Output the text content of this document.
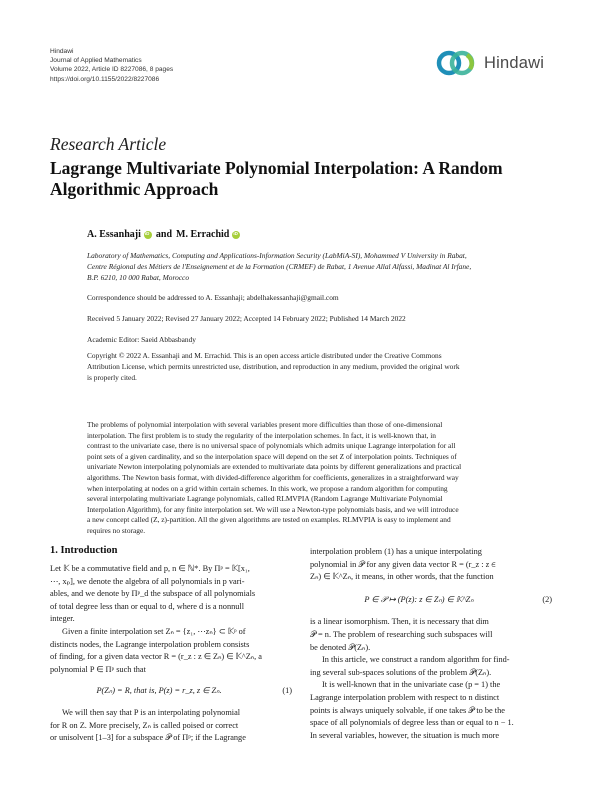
Hindawi
Journal of Applied Mathematics
Volume 2022, Article ID 8227086, 8 pages
https://doi.org/10.1155/2022/8227086
Hindawi
Research Article
Lagrange Multivariate Polynomial Interpolation: A Random
Algorithmic Approach
A. Essanhaji
iD and M. Errachid
iD
Laboratory of Mathematics, Computing and Applications-Information Security (LabMiA-SI), Mohammed V University in Rabat,
Centre Régional des Métiers de l'Enseignement et de la Formation (CRMEF) de Rabat, 1 Avenue Allal Alfassi, Madinat Al Irfane,
B.P. 6210, 10 000 Rabat, Morocco
Correspondence should be addressed to A. Essanhaji; abdelhakessanhaji@gmail.com
Received 5 January 2022; Revised 27 January 2022; Accepted 14 February 2022; Published 14 March 2022
Academic Editor: Saeid Abbasbandy
Copyright © 2022 A. Essanhaji and M. Errachid. This is an open access article distributed under the Creative Commons
Attribution License, which permits unrestricted use, distribution, and reproduction in any medium, provided the original work
is properly cited.
The problems of polynomial interpolation with several variables present more difficulties than those of one-dimensional
interpolation. The first problem is to study the regularity of the interpolation schemes. In fact, it is well-known that, in
contrast to the univariate case, there is no universal space of polynomials which admits unique Lagrange interpolation for all
point sets of a given cardinality, and so the interpolation space will depend on the set Z of interpolation points. Techniques of
univariate Newton interpolating polynomials are extended to multivariate data points by different generalizations and practical
algorithms. The Newton basis format, with divided-difference algorithm for coefficients, generalizes in a straightforward way
when interpolating at nodes on a grid within certain schemes. In this work, we propose a random algorithm for computing
several interpolating multivariate Lagrange polynomials, called RLMVPIA (Random Lagrange Multivariate Polynomial
Interpolation Algorithm), for any finite interpolation set. We will use a Newton-type polynomials basis, and we will introduce
a new concept called (Z, z)-partition. All the given algorithms are tested on examples. RLMVPIA is easy to implement and
requires no storage.
1. Introduction
Let 𝕂 be a commutative field and p, n ∈ ℕ*. By Πᵖ = 𝕂[x₁,
⋯, xₚ], we denote the algebra of all polynomials in p vari-
ables, and we denote by Πᵖ_d the subspace of all polynomials
of total degree less than or equal to d, where d is a nonnull
integer.
Given a finite interpolation set Zₙ = {z₁, ⋯zₙ} ⊂ 𝕂ᵖ of
distincts nodes, the Lagrange interpolation problem consists
of finding, for a given data vector R = (r_z : z ∈ Zₙ) ∈ 𝕂^Zₙ, a
polynomial P ∈ Πᵖ such that
P(Zₙ) = R, that is, P(z) = r_z, z ∈ Zₙ.	(1)
We will then say that P is an interpolating polynomial
for R on Z. More precisely, Zₙ is called poised or correct
or unisolvent [1–3] for a subspace 𝒫 of Πᵖ; if the Lagrange
interpolation problem (1) has a unique interpolating
polynomial in 𝒫 for any given data vector R = (r_z : z ∈
Zₙ) ∈ 𝕂^Zₙ, it means, in other words, that the function
P ∈ 𝒫 ↦ (P(z): z ∈ Zₙ) ∈ 𝕂^Zₙ	(2)
is a linear isomorphism. Then, it is necessary that dim
𝒫 = n. The problem of researching such subspaces will
be denoted 𝒫(Zₙ).
In this article, we construct a random algorithm for find-
ing several sub-spaces solutions of the problem 𝒫(Zₙ).
It is well-known that in the univariate case (p = 1) the
Lagrange interpolation problem with respect to n distinct
points is always uniquely solvable, if one takes 𝒫 to be the
space of all polynomials of degree less than or equal to n − 1.
In several variables, however, the situation is much more
